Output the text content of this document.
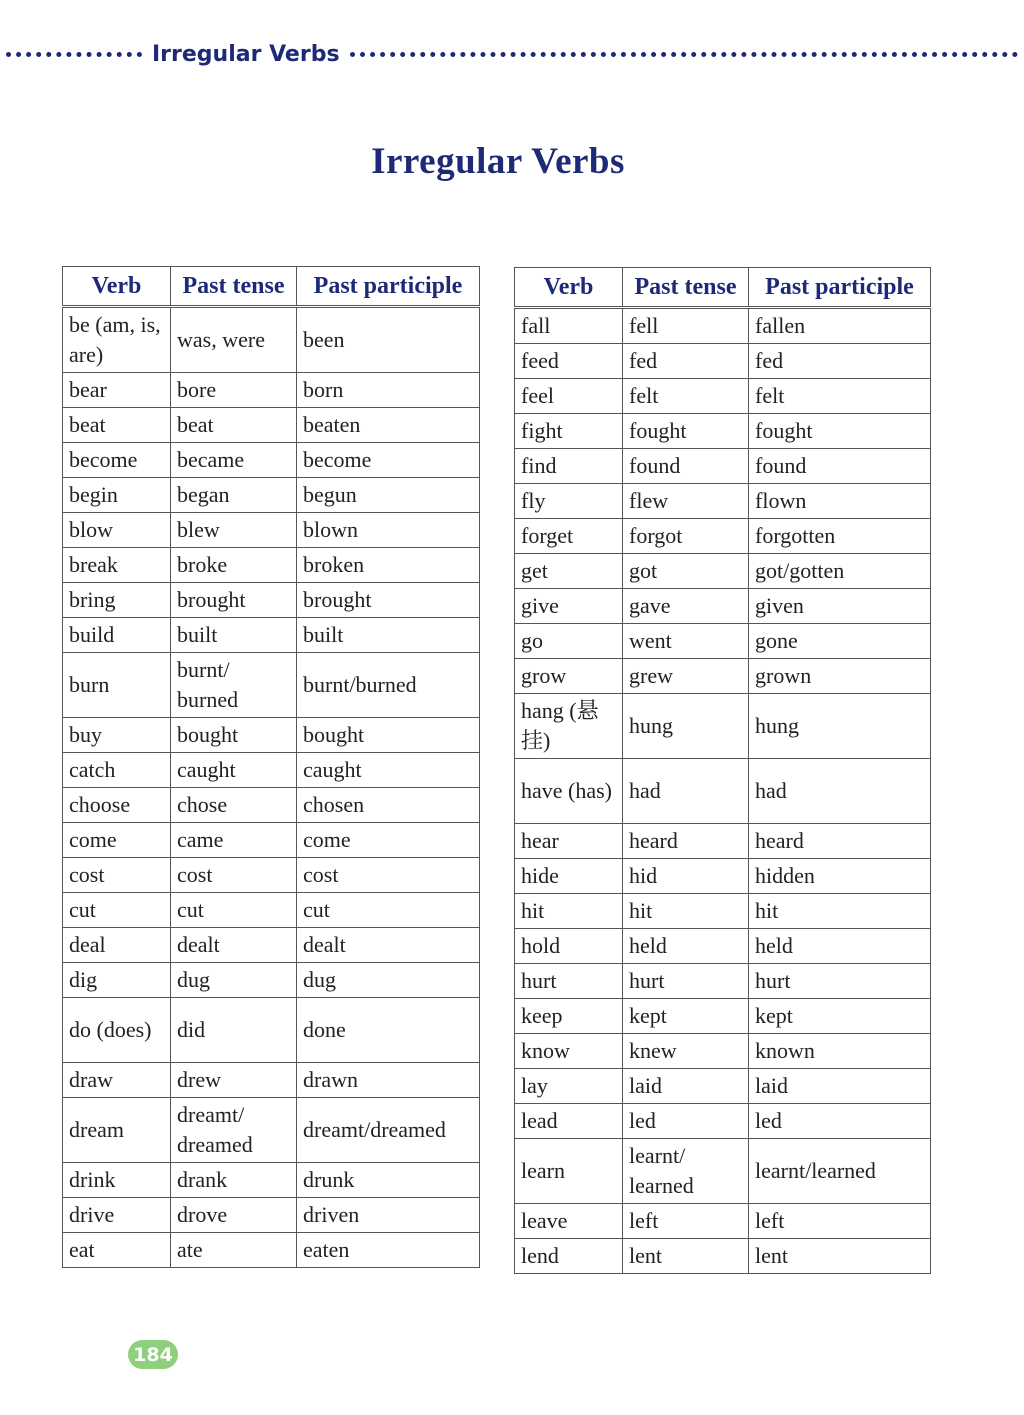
Irregular Verbs
Irregular Verbs
Verb	Past tense	Past participle
be (am, is, are)	was, were	been
bear	bore	born
beat	beat	beaten
become	became	become
begin	began	begun
blow	blew	blown
break	broke	broken
bring	brought	brought
build	built	built
burn	burnt/ burned	burnt/burned
buy	bought	bought
catch	caught	caught
choose	chose	chosen
come	came	come
cost	cost	cost
cut	cut	cut
deal	dealt	dealt
dig	dug	dug
do (does)	did	done
draw	drew	drawn
dream	dreamt/ dreamed	dreamt/dreamed
drink	drank	drunk
drive	drove	driven
eat	ate	eaten
Verb	Past tense	Past participle
fall	fell	fallen
feed	fed	fed
feel	felt	felt
fight	fought	fought
find	found	found
fly	flew	flown
forget	forgot	forgotten
get	got	got/gotten
give	gave	given
go	went	gone
grow	grew	grown
hang (悬挂)	hung	hung
have (has)	had	had
hear	heard	heard
hide	hid	hidden
hit	hit	hit
hold	held	held
hurt	hurt	hurt
keep	kept	kept
know	knew	known
lay	laid	laid
lead	led	led
learn	learnt/ learned	learnt/learned
leave	left	left
lend	lent	lent
184
